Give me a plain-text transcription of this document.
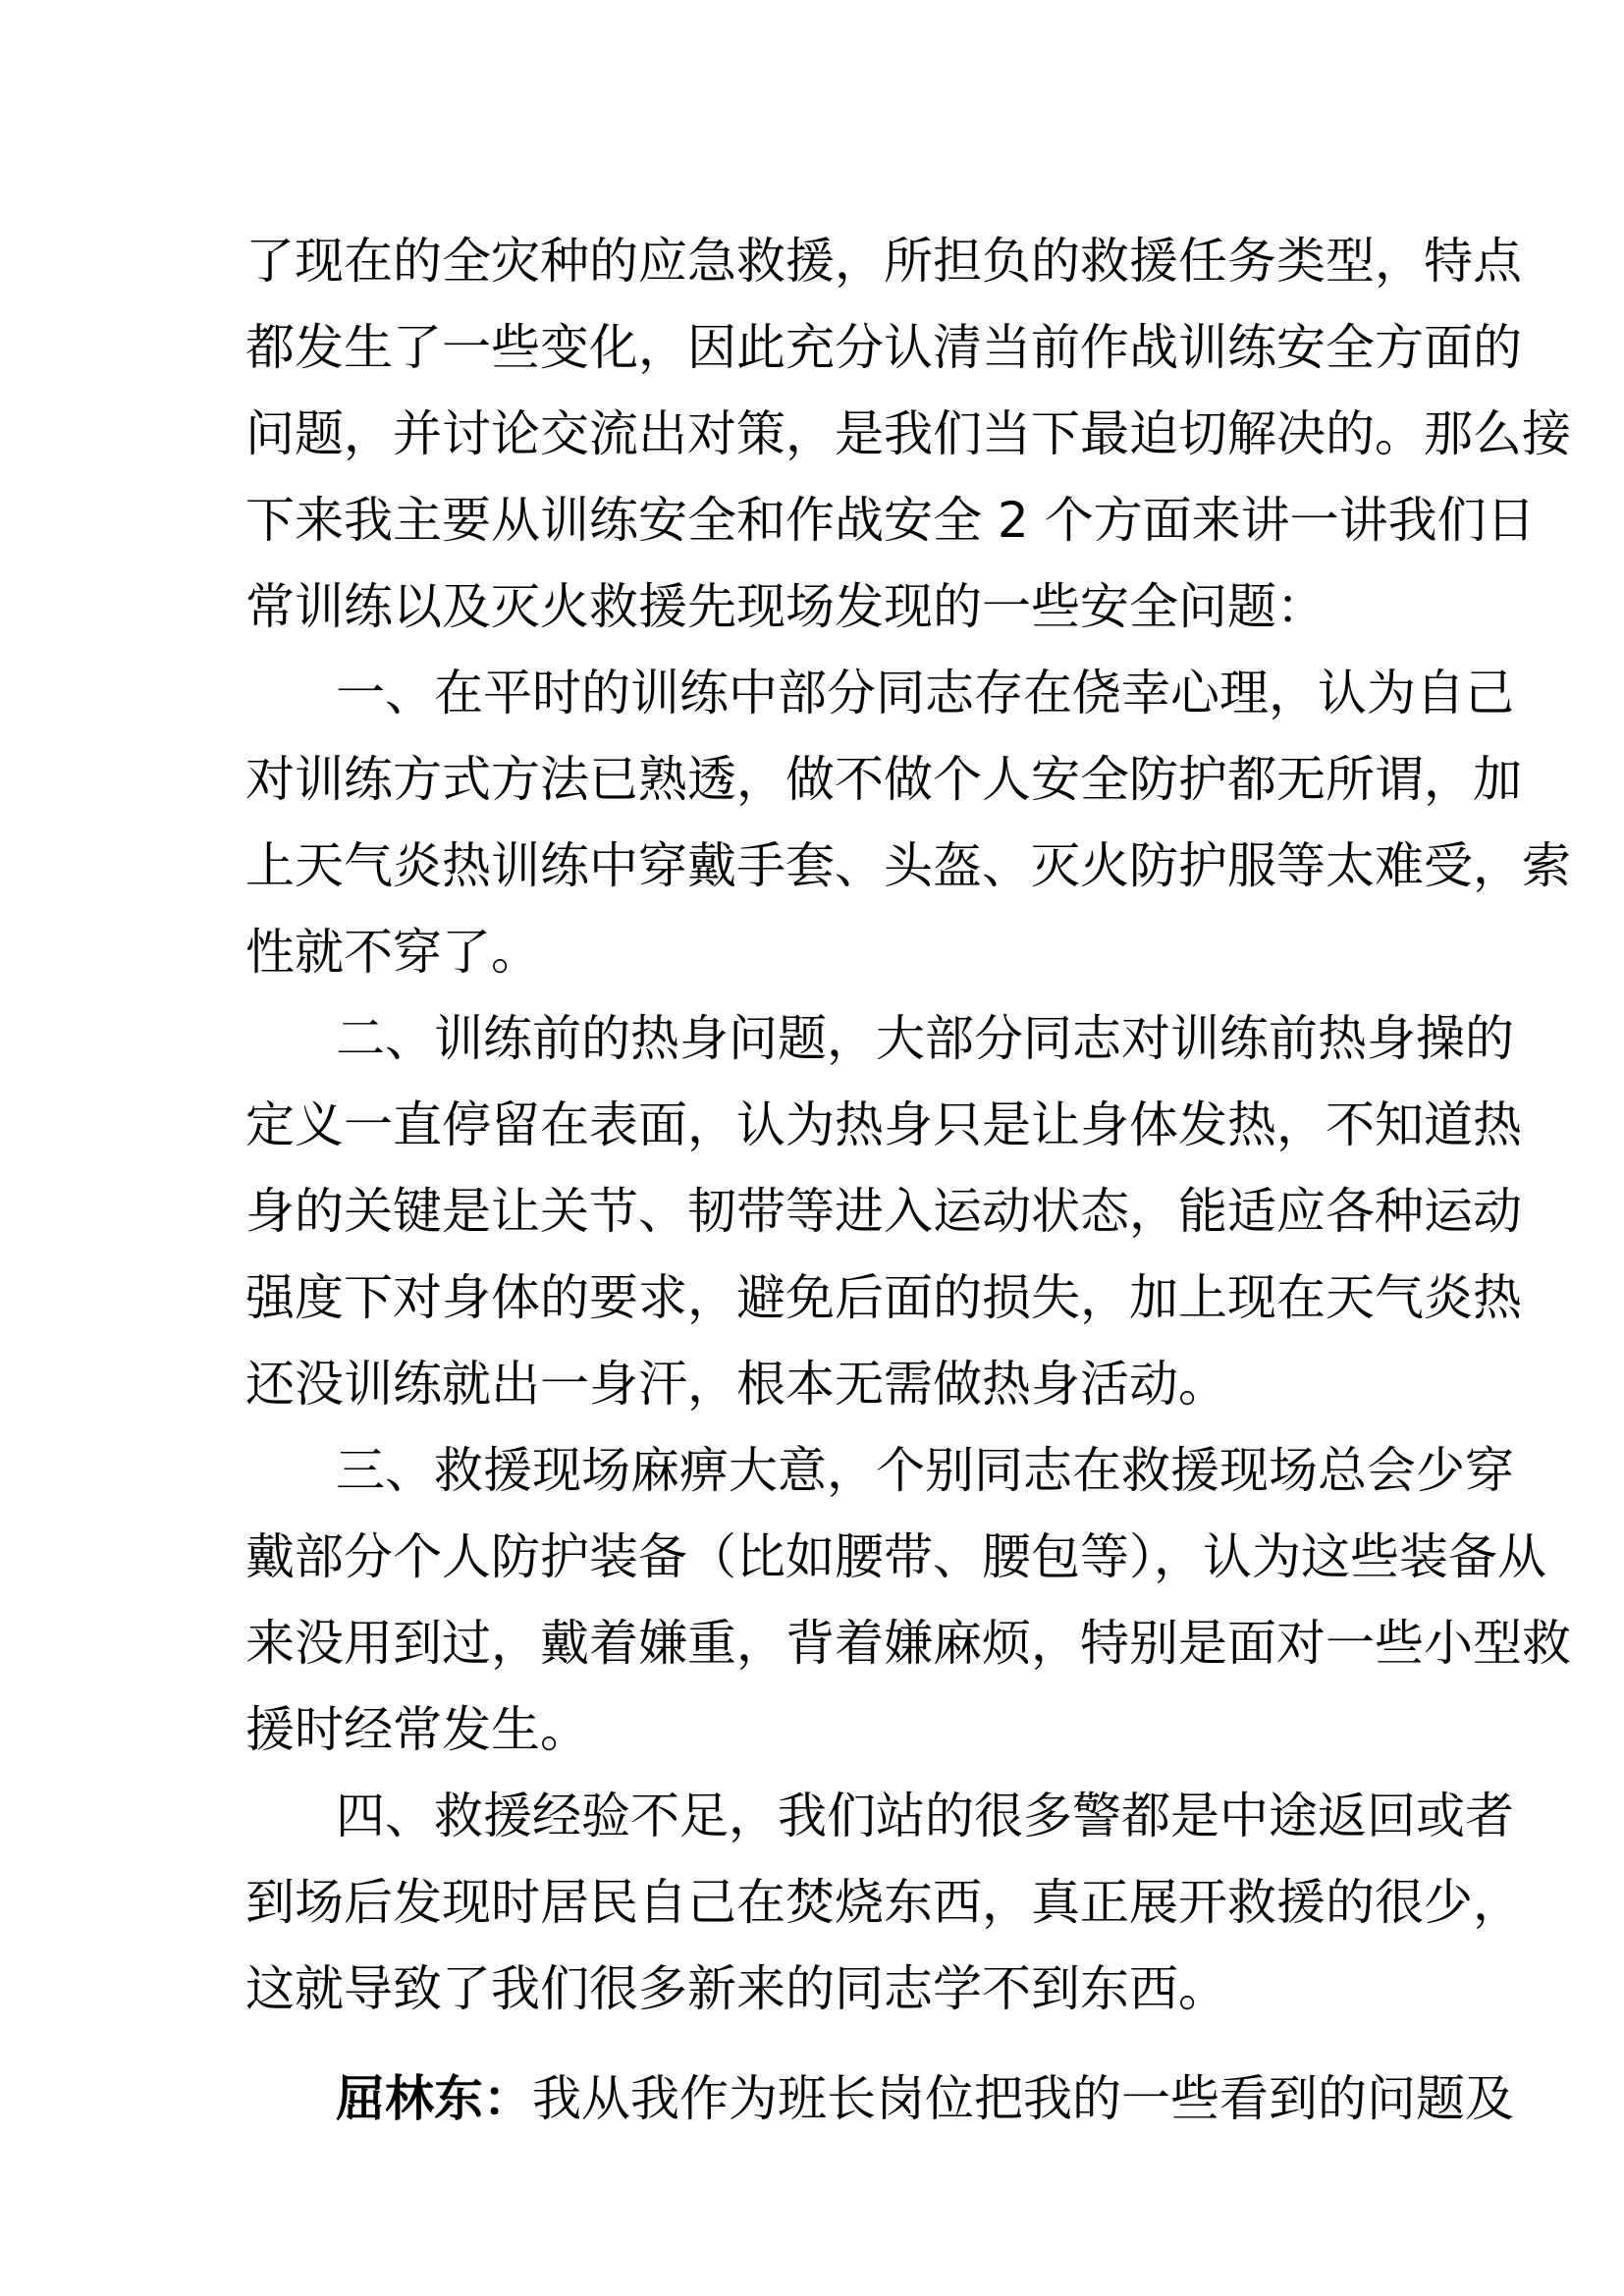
了现在的全灾种的应急救援，所担负的救援任务类型，特点
都发生了一些变化，因此充分认清当前作战训练安全方面的
问题，并讨论交流出对策，是我们当下最迫切解决的。那么接
下来我主要从训练安全和作战安全 2 个方面来讲一讲我们日
常训练以及灭火救援先现场发现的一些安全问题：
一、在平时的训练中部分同志存在侥幸心理，认为自己
对训练方式方法已熟透，做不做个人安全防护都无所谓，加
上天气炎热训练中穿戴手套、头盔、灭火防护服等太难受，索
性就不穿了。
二、训练前的热身问题，大部分同志对训练前热身操的
定义一直停留在表面，认为热身只是让身体发热，不知道热
身的关键是让关节、韧带等进入运动状态，能适应各种运动
强度下对身体的要求，避免后面的损失，加上现在天气炎热
还没训练就出一身汗，根本无需做热身活动。
三、救援现场麻痹大意，个别同志在救援现场总会少穿
戴部分个人防护装备（比如腰带、腰包等），认为这些装备从
来没用到过，戴着嫌重，背着嫌麻烦，特别是面对一些小型救
援时经常发生。
四、救援经验不足，我们站的很多警都是中途返回或者
到场后发现时居民自己在焚烧东西，真正展开救援的很少，
这就导致了我们很多新来的同志学不到东西。
屈林东：我从我作为班长岗位把我的一些看到的问题及
